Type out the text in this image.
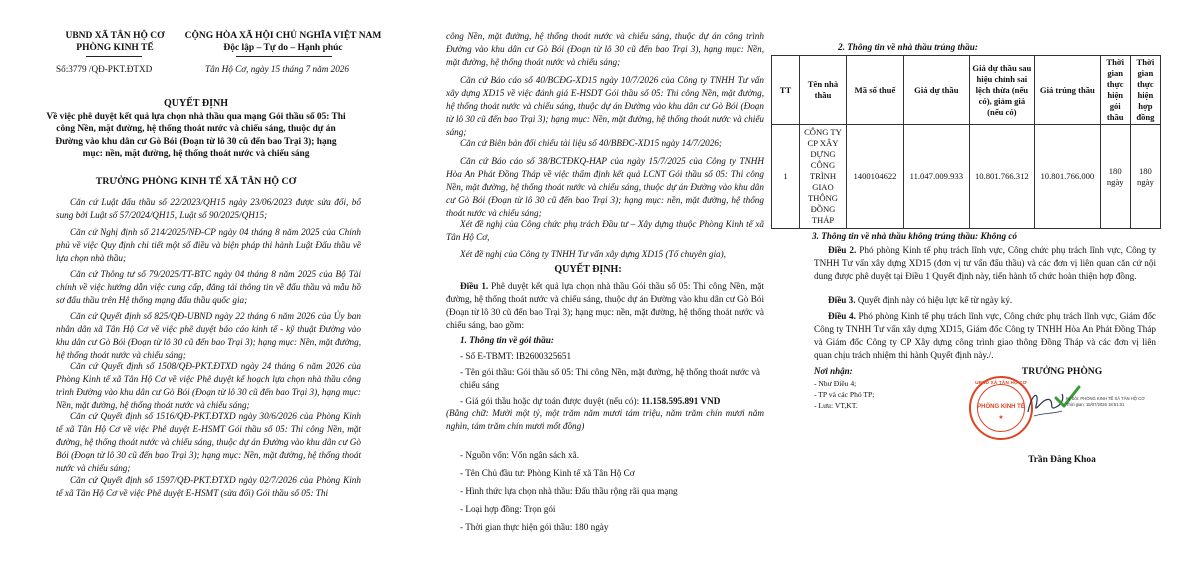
UBND XÃ TÂN HỘ CƠ
PHÒNG KINH TẾ
CỘNG HÒA XÃ HỘI CHỦ NGHĨA VIỆT NAM
Độc lập – Tự do – Hạnh phúc
Số:3779 /QĐ-PKT.ĐTXD	Tân Hộ Cơ, ngày 15 tháng 7 năm 2026
QUYẾT ĐỊNH
Về việc phê duyệt kết quả lựa chọn nhà thầu qua mạng Gói thầu số 05: Thi công Nền, mặt đường, hệ thống thoát nước và chiếu sáng, thuộc dự án Đường vào khu dân cư Gò Bói (Đoạn từ lô 30 cũ đến bao Trại 3); hạng mục: nền, mặt đường, hệ thống thoát nước và chiếu sáng
TRƯỞNG PHÒNG KINH TẾ XÃ TÂN HỘ CƠ
Căn cứ Luật đấu thầu số 22/2023/QH15 ngày 23/06/2023 được sửa đổi, bổ sung bởi Luật số 57/2024/QH15, Luật số 90/2025/QH15;
Căn cứ Nghị định số 214/2025/NĐ-CP ngày 04 tháng 8 năm 2025 của Chính phủ về việc Quy định chi tiết một số điều và biện pháp thi hành Luật Đấu thầu về lựa chọn nhà thầu;
Căn cứ Thông tư số 79/2025/TT-BTC ngày 04 tháng 8 năm 2025 của Bộ Tài chính về việc hướng dẫn việc cung cấp, đăng tải thông tin về đấu thầu và mẫu hồ sơ đấu thầu trên Hệ thống mạng đấu thầu quốc gia;
Căn cứ Quyết định số 825/QĐ-UBND ngày 22 tháng 6 năm 2026 của Ủy ban nhân dân xã Tân Hộ Cơ về việc phê duyệt báo cáo kinh tế - kỹ thuật Đường vào khu dân cư Gò Bói (Đoạn từ lô 30 cũ đến bao Trại 3); hạng mục: Nền, mặt đường, hệ thống thoát nước và chiếu sáng;
Căn cứ Quyết định số 1508/QĐ-PKT.ĐTXD ngày 24 tháng 6 năm 2026 của Phòng Kinh tế xã Tân Hộ Cơ về việc Phê duyệt kế hoạch lựa chọn nhà thầu công trình Đường vào khu dân cư Gò Bói (Đoạn từ lô 30 cũ đến bao Trại 3), hạng mục: Nền, mặt đường, hệ thống thoát nước và chiếu sáng;
Căn cứ Quyết định số 1516/QĐ-PKT.ĐTXD ngày 30/6/2026 của Phòng Kinh tế xã Tân Hộ Cơ về việc Phê duyệt E-HSMT Gói thầu số 05: Thi công Nền, mặt đường, hệ thống thoát nước và chiếu sáng, thuộc dự án Đường vào khu dân cư Gò Bói (Đoạn từ lô 30 cũ đến bao Trại 3); hạng mục: Nền, mặt đường, hệ thống thoát nước và chiếu sáng;
Căn cứ Quyết định số 1597/QĐ-PKT.ĐTXD ngày 02/7/2026 của Phòng Kinh tế xã Tân Hộ Cơ về việc Phê duyệt E-HSMT (sửa đổi) Gói thầu số 05: Thi
công Nền, mặt đường, hệ thống thoát nước và chiếu sáng, thuộc dự án công trình Đường vào khu dân cư Gò Bói (Đoạn từ lô 30 cũ đến bao Trại 3), hạng mục: Nền, mặt đường, hệ thống thoát nước và chiếu sáng;
Căn cứ Báo cáo số 40/BCĐG-XD15 ngày 10/7/2026 của Công ty TNHH Tư vấn xây dựng XD15 về việc đánh giá E-HSDT Gói thầu số 05: Thi công Nền, mặt đường, hệ thống thoát nước và chiếu sáng, thuộc dự án Đường vào khu dân cư Gò Bói (Đoạn từ lô 30 cũ đến bao Trại 3); hạng mục: Nền, mặt đường, hệ thống thoát nước và chiếu sáng;
Căn cứ Biên bản đối chiếu tài liệu số 40/BBĐC-XD15 ngày 14/7/2026;
Căn cứ Báo cáo số 38/BCTĐKQ-HAP của ngày 15/7/2025 của Công ty TNHH Hòa An Phát Đồng Tháp về việc thẩm định kết quả LCNT Gói thầu số 05: Thi công Nền, mặt đường, hệ thống thoát nước và chiếu sáng, thuộc dự án Đường vào khu dân cư Gò Bói (Đoạn từ lô 30 cũ đến bao Trại 3); hạng mục: nền, mặt đường, hệ thống thoát nước và chiếu sáng;
Xét đề nghị của Công chức phụ trách Đầu tư – Xây dựng thuộc Phòng Kinh tế xã Tân Hộ Cơ,
Xét đề nghị của Công ty TNHH Tư vấn xây dựng XD15 (Tổ chuyên gia),
QUYẾT ĐỊNH:
Điều 1. Phê duyệt kết quả lựa chọn nhà thầu Gói thầu số 05: Thi công Nền, mặt đường, hệ thống thoát nước và chiếu sáng, thuộc dự án Đường vào khu dân cư Gò Bói (Đoạn từ lô 30 cũ đến bao Trại 3); hạng mục: nền, mặt đường, hệ thống thoát nước và chiếu sáng, bao gồm:
1. Thông tin về gói thầu:
- Số E-TBMT: IB2600325651
- Tên gói thầu: Gói thầu số 05: Thi công Nền, mặt đường, hệ thống thoát nước và chiếu sáng
- Giá gói thầu hoặc dự toán được duyệt (nếu có): 11.158.595.891 VND
(Bằng chữ: Mười một tỷ, một trăm năm mươi tám triệu, năm trăm chín mươi năm nghìn, tám trăm chín mươi mốt đồng)
- Nguồn vốn: Vốn ngân sách xã.
- Tên Chủ đầu tư: Phòng Kinh tế xã Tân Hộ Cơ
- Hình thức lựa chọn nhà thầu: Đấu thầu rộng rãi qua mạng
- Loại hợp đồng: Trọn gói
- Thời gian thực hiện gói thầu: 180 ngày
2. Thông tin về nhà thầu trúng thầu:
TT	Tên nhà thầu	Mã số thuế	Giá dự thầu	Giá dự thầu sau hiệu chỉnh sai lệch thừa (nếu có), giảm giá (nếu có)	Giá trúng thầu	Thời gian thực hiện gói thầu	Thời gian thực hiện hợp đồng
1	CÔNG TY CP XÂY DỰNG CÔNG TRÌNH GIAO THÔNG ĐỒNG THÁP	1400104622	11.047.009.933	10.801.766.312	10.801.766.000	180 ngày	180 ngày
3. Thông tin về nhà thầu không trúng thầu: Không có
Điều 2. Phó phòng Kinh tế phụ trách lĩnh vực, Công chức phụ trách lĩnh vực, Công ty TNHH Tư vấn xây dựng XD15 (đơn vị tư vấn đấu thầu) và các đơn vị liên quan căn cứ nội dung được phê duyệt tại Điều 1 Quyết định này, tiến hành tổ chức hoàn thiện hợp đồng.
Điều 3. Quyết định này có hiệu lực kể từ ngày ký.
Điều 4. Phó phòng Kinh tế phụ trách lĩnh vực, Công chức phụ trách lĩnh vực, Giám đốc Công ty TNHH Tư vấn xây dựng XD15, Giám đốc Công ty TNHH Hòa An Phát Đồng Tháp và Giám đốc Công ty CP Xây dựng công trình giao thông Đồng Tháp và các đơn vị liên quan chịu trách nhiệm thi hành Quyết định này./.
Nơi nhận:
- Như Điều 4;
- TP và các Phó TP;
- Lưu: VT,KT.
TRƯỞNG PHÒNG
UBND XÃ TÂN HỘ CƠ
PHÒNG KINH TẾ
★
Ký bởi: PHÒNG KINH TẾ XÃ TÂN HỘ CƠ
Thời gian: 15/07/2026 18:51:01
Trần Đăng Khoa
